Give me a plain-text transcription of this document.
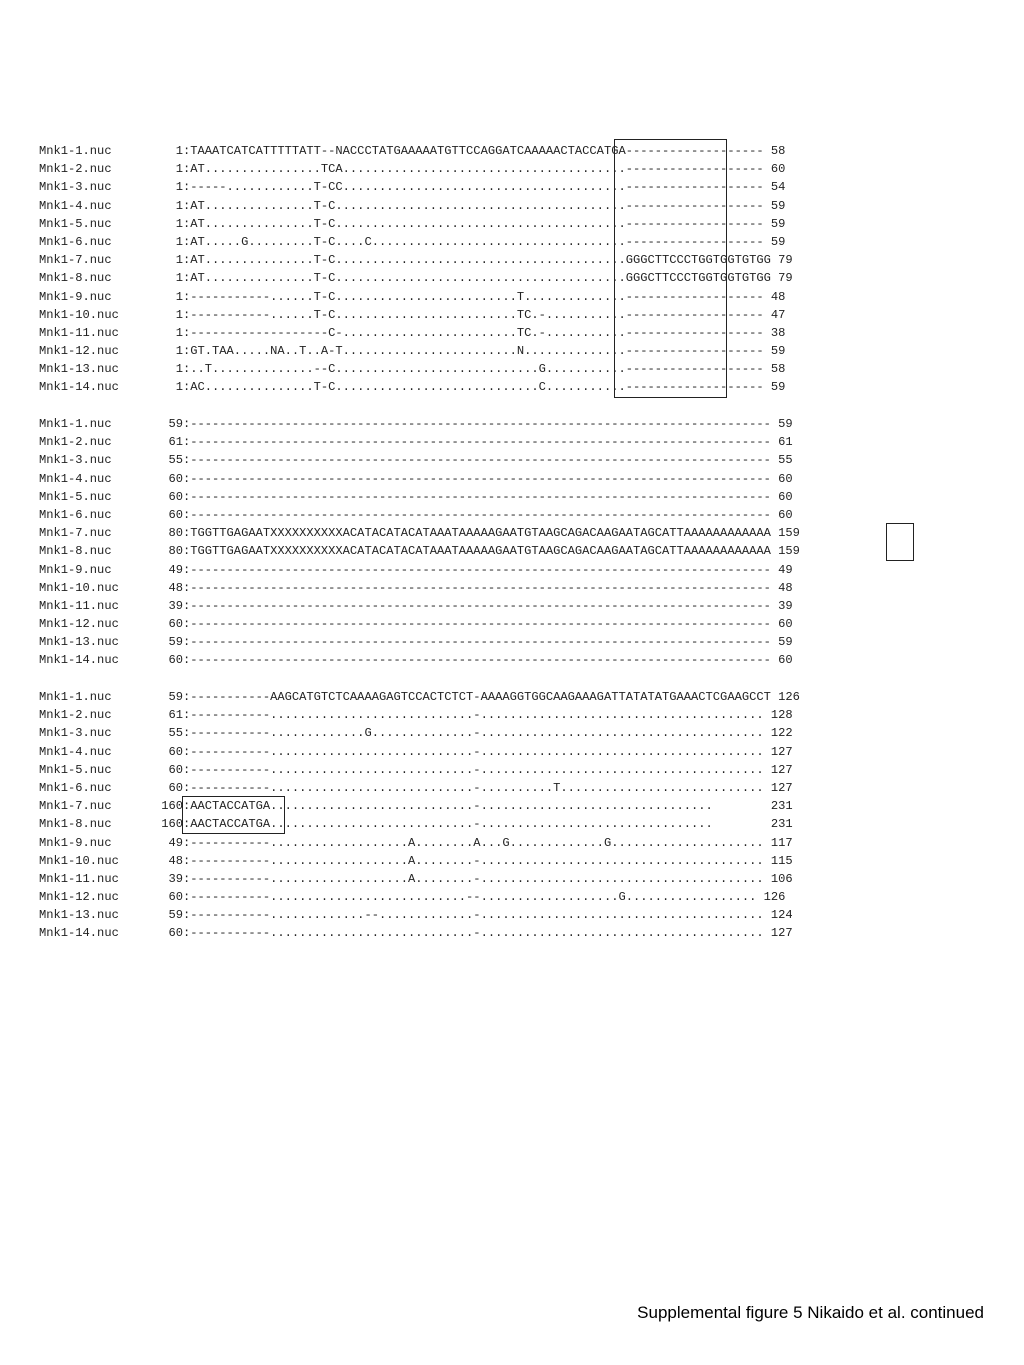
Mnk1-1.nuc	1:TAAATCATCATTTTTATT--NACCCTATGAAAAATGTTCCAGGATCAAAAACTACCATGA------------------- 58
Mnk1-2.nuc	1:AT................TCA.......................................------------------- 60
Mnk1-3.nuc	1:-----............T-CC.......................................------------------- 54
Mnk1-4.nuc	1:AT...............T-C........................................------------------- 59
Mnk1-5.nuc	1:AT...............T-C........................................------------------- 59
Mnk1-6.nuc	1:AT.....G.........T-C....C...................................------------------- 59
Mnk1-7.nuc	1:AT...............T-C........................................GGGCTTCCCTGGTGGTGTGG 79
Mnk1-8.nuc	1:AT...............T-C........................................GGGCTTCCCTGGTGGTGTGG 79
Mnk1-9.nuc	1:-----------......T-C.........................T..............------------------- 48
Mnk1-10.nuc	1:-----------......T-C.........................TC.-...........------------------- 47
Mnk1-11.nuc	1:-------------------C-........................TC.-...........------------------- 38
Mnk1-12.nuc	1:GT.TAA.....NA..T..A-T........................N..............------------------- 59
Mnk1-13.nuc	1:..T..............--C............................G...........------------------- 58
Mnk1-14.nuc	1:AC...............T-C............................C...........------------------- 59
Mnk1-1.nuc	59:-------------------------------------------------------------------------------- 59
Mnk1-2.nuc	61:-------------------------------------------------------------------------------- 61
Mnk1-3.nuc	55:-------------------------------------------------------------------------------- 55
Mnk1-4.nuc	60:-------------------------------------------------------------------------------- 60
Mnk1-5.nuc	60:-------------------------------------------------------------------------------- 60
Mnk1-6.nuc	60:-------------------------------------------------------------------------------- 60
Mnk1-7.nuc	80:TGGTTGAGAATXXXXXXXXXXACATACATACATAAATAAAAAGAATGTAAGCAGACAAGAATAGCATTAAAAAAAAAAAA 159
Mnk1-8.nuc	80:TGGTTGAGAATXXXXXXXXXXACATACATACATAAATAAAAAGAATGTAAGCAGACAAGAATAGCATTAAAAAAAAAAAA 159
Mnk1-9.nuc	49:-------------------------------------------------------------------------------- 49
Mnk1-10.nuc	48:-------------------------------------------------------------------------------- 48
Mnk1-11.nuc	39:-------------------------------------------------------------------------------- 39
Mnk1-12.nuc	60:-------------------------------------------------------------------------------- 60
Mnk1-13.nuc	59:-------------------------------------------------------------------------------- 59
Mnk1-14.nuc	60:-------------------------------------------------------------------------------- 60
Mnk1-1.nuc	59:-----------AAGCATGTCTCAAAAGAGTCCACTCTCT-AAAAGGTGGCAAGAAAGATTATATATGAAACTCGAAGCCT 126
Mnk1-2.nuc	61:-----------............................-....................................... 128
Mnk1-3.nuc	55:-----------.............G..............-....................................... 122
Mnk1-4.nuc	60:-----------............................-....................................... 127
Mnk1-5.nuc	60:-----------............................-....................................... 127
Mnk1-6.nuc	60:-----------............................-..........T............................ 127
Mnk1-7.nuc	160:AACTACCATGA............................-................................        231
Mnk1-8.nuc	160:AACTACCATGA............................-................................        231
Mnk1-9.nuc	49:-----------...................A........A...G.............G..................... 117
Mnk1-10.nuc	48:-----------...................A........-....................................... 115
Mnk1-11.nuc	39:-----------...................A........-....................................... 106
Mnk1-12.nuc	60:-----------...........................--...................G.................. 126
Mnk1-13.nuc	59:-----------.............--.............-....................................... 124
Mnk1-14.nuc	60:-----------............................-....................................... 127
Supplemental figure 5 Nikaido et al. continued
